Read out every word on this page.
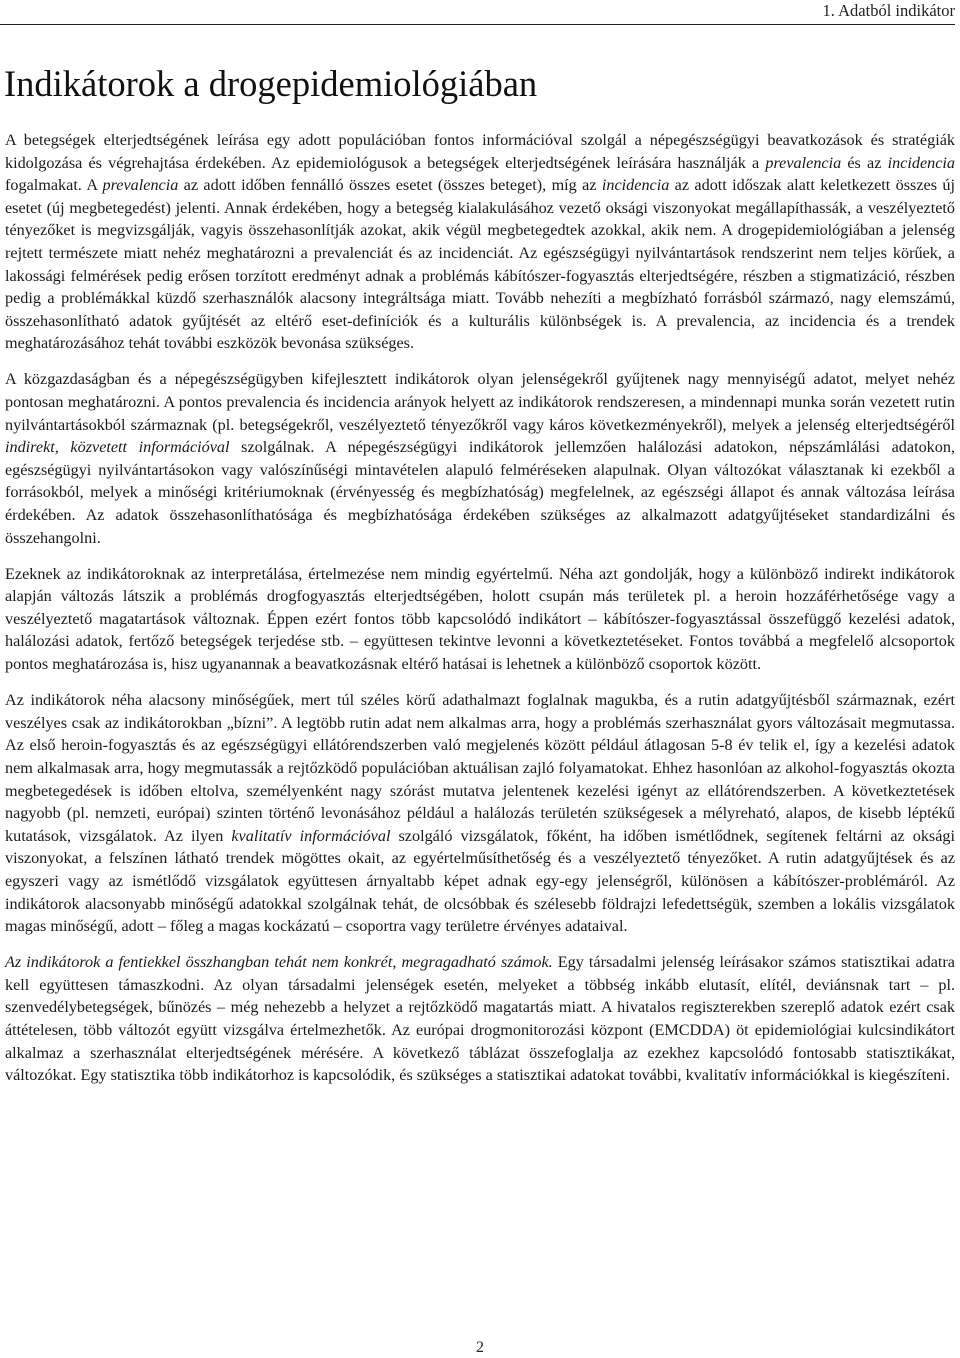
1. Adatból indikátor
Indikátorok a drogepidemiológiában

A betegségek elterjedtségének leírása egy adott populációban fontos információval szolgál a népegészségügyi beavatkozások és stratégiák kidolgozása és végrehajtása érdekében. Az epidemiológusok a betegségek elterjedtségének leírására használják a prevalencia és az incidencia fogalmakat. A prevalencia az adott időben fennálló összes esetet (összes beteget), míg az incidencia az adott időszak alatt keletkezett összes új esetet (új megbetegedést) jelenti. Annak érdekében, hogy a betegség kialakulásához vezető oksági viszonyokat megállapíthassák, a veszélyeztető tényezőket is megvizsgálják, vagyis összehasonlítják azokat, akik végül megbetegedtek azokkal, akik nem. A drogepidemiológiában a jelenség rejtett természete miatt nehéz meghatározni a prevalenciát és az incidenciát. Az egészségügyi nyilvántartások rendszerint nem teljes körűek, a lakossági felmérések pedig erősen torzított eredményt adnak a problémás kábítószer-fogyasztás elterjedtségére, részben a stigmatizáció, részben pedig a problémákkal küzdő szerhasználók alacsony integráltsága miatt. Tovább nehezíti a megbízható forrásból származó, nagy elemszámú, összehasonlítható adatok gyűjtését az eltérő eset-definíciók és a kulturális különbségek is. A prevalencia, az incidencia és a trendek meghatározásához tehát további eszközök bevonása szükséges.

A közgazdaságban és a népegészségügyben kifejlesztett indikátorok olyan jelenségekről gyűjtenek nagy mennyiségű adatot, melyet nehéz pontosan meghatározni. A pontos prevalencia és incidencia arányok helyett az indikátorok rendszeresen, a mindennapi munka során vezetett rutin nyilvántartásokból származnak (pl. betegségekről, veszélyeztető tényezőkről vagy káros következményekről), melyek a jelenség elterjedtségéről indirekt, közvetett információval szolgálnak. A népegészségügyi indikátorok jellemzően halálozási adatokon, népszámlálási adatokon, egészségügyi nyilvántartásokon vagy valószínűségi mintavételen alapuló felméréseken alapulnak. Olyan változókat választanak ki ezekből a forrásokból, melyek a minőségi kritériumoknak (érvényesség és megbízhatóság) megfelelnek, az egészségi állapot és annak változása leírása érdekében. Az adatok összehasonlíthatósága és megbízhatósága érdekében szükséges az alkalmazott adatgyűjtéseket standardizálni és összehangolni.

Ezeknek az indikátoroknak az interpretálása, értelmezése nem mindig egyértelmű. Néha azt gondolják, hogy a különböző indirekt indikátorok alapján változás látszik a problémás drogfogyasztás elterjedtségében, holott csupán más területek pl. a heroin hozzáférhetősége vagy a veszélyeztető magatartások változnak. Éppen ezért fontos több kapcsolódó indikátort – kábítószer-fogyasztással összefüggő kezelési adatok, halálozási adatok, fertőző betegségek terjedése stb. – együttesen tekintve levonni a következtetéseket. Fontos továbbá a megfelelő alcsoportok pontos meghatározása is, hisz ugyanannak a beavatkozásnak eltérő hatásai is lehetnek a különböző csoportok között.

Az indikátorok néha alacsony minőségűek, mert túl széles körű adathalmazt foglalnak magukba, és a rutin adatgyűjtésből származnak, ezért veszélyes csak az indikátorokban „bízni”. A legtöbb rutin adat nem alkalmas arra, hogy a problémás szerhasználat gyors változásait megmutassa. Az első heroin-fogyasztás és az egészségügyi ellátórendszerben való megjelenés között például átlagosan 5-8 év telik el, így a kezelési adatok nem alkalmasak arra, hogy megmutassák a rejtőzködő populációban aktuálisan zajló folyamatokat. Ehhez hasonlóan az alkohol-fogyasztás okozta megbetegedések is időben eltolva, személyenként nagy szórást mutatva jelentenek kezelési igényt az ellátórendszerben. A következtetések nagyobb (pl. nemzeti, európai) szinten történő levonásához például a halálozás területén szükségesek a mélyreható, alapos, de kisebb léptékű kutatások, vizsgálatok. Az ilyen kvalitatív információval szolgáló vizsgálatok, főként, ha időben ismétlődnek, segítenek feltárni az oksági viszonyokat, a felszínen látható trendek mögöttes okait, az egyértelműsíthetőség és a veszélyeztető tényezőket. A rutin adatgyűjtések és az egyszeri vagy az ismétlődő vizsgálatok együttesen árnyaltabb képet adnak egy-egy jelenségről, különösen a kábítószer-problémáról. Az indikátorok alacsonyabb minőségű adatokkal szolgálnak tehát, de olcsóbbak és szélesebb földrajzi lefedettségük, szemben a lokális vizsgálatok magas minőségű, adott – főleg a magas kockázatú – csoportra vagy területre érvényes adataival.

Az indikátorok a fentiekkel összhangban tehát nem konkrét, megragadható számok. Egy társadalmi jelenség leírásakor számos statisztikai adatra kell együttesen támaszkodni. Az olyan társadalmi jelenségek esetén, melyeket a többség inkább elutasít, elítél, deviánsnak tart – pl. szenvedélybetegségek, bűnözés – még nehezebb a helyzet a rejtőzködő magatartás miatt. A hivatalos regiszterekben szereplő adatok ezért csak áttételesen, több változót együtt vizsgálva értelmezhetők. Az európai drogmonitorozási központ (EMCDDA) öt epidemiológiai kulcsindikátort alkalmaz a szerhasználat elterjedtségének mérésére. A következő táblázat összefoglalja az ezekhez kapcsolódó fontosabb statisztikákat, változókat. Egy statisztika több indikátorhoz is kapcsolódik, és szükséges a statisztikai adatokat további, kvalitatív információkkal is kiegészíteni.

2
